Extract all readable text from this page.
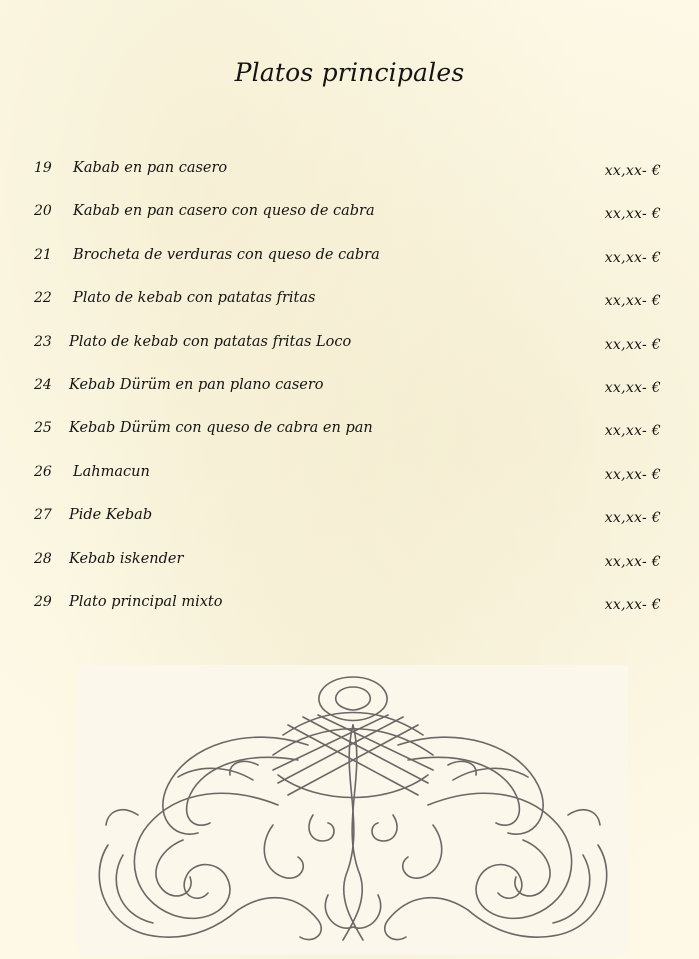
Platos principales
19 Kabab en pan casero	xx,xx- €
20 Kabab en pan casero con queso de cabra	xx,xx- €
21 Brocheta de verduras con queso de cabra	xx,xx- €
22 Plato de kebab con patatas fritas	xx,xx- €
23 Plato de kebab con patatas fritas Loco	xx,xx- €
24 Kebab Dürüm en pan plano casero	xx,xx- €
25 Kebab Dürüm con queso de cabra en pan	xx,xx- €
26 Lahmacun	xx,xx- €
27 Pide Kebab	xx,xx- €
28 Kebab iskender	xx,xx- €
29 Plato principal mixto	xx,xx- €
